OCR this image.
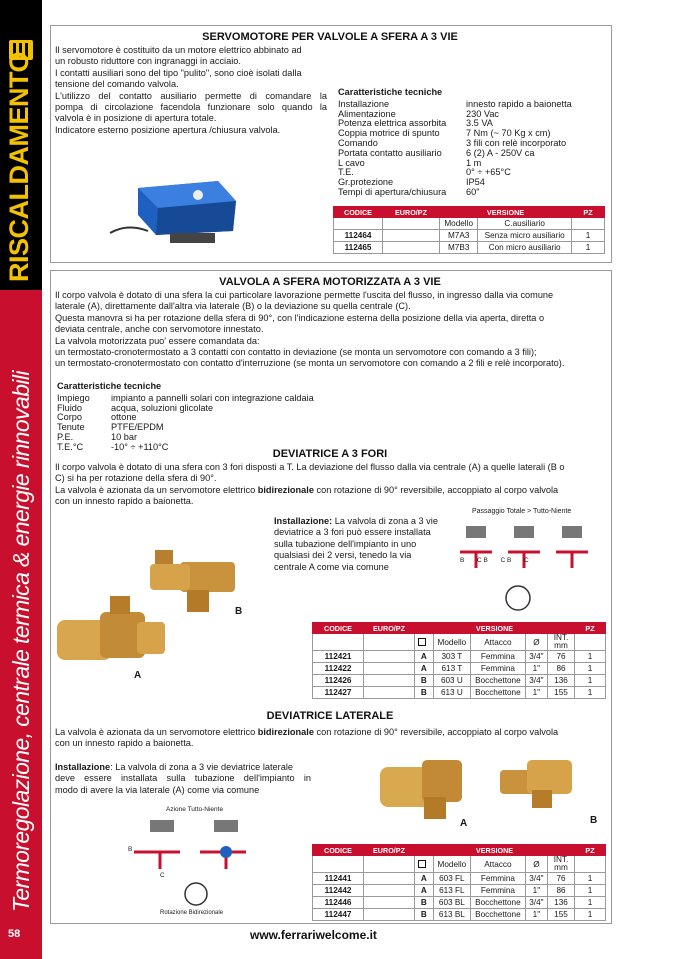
RISCALDAMENTO
Termoregolazione, centrale termica & energie rinnovabili
58	www.ferrariwelcome.it
SERVOMOTORE PER VALVOLE A SFERA A 3 VIE
Il servomotore è costituito da un motore elettrico abbinato ad
un robusto riduttore con ingranaggi in acciaio.
I contatti ausiliari sono del tipo "pulito", sono cioè isolati dalla
tensione del comando valvola.
L'utilizzo del contatto ausiliario permette di comandare la
pompa di circolazione facendola funzionare solo quando la
valvola è in posizione di apertura totale.
Indicatore esterno posizione apertura /chiusura valvola.
Caratteristiche tecniche
Installazione	innesto rapido a baionetta
Alimentazione	230 Vac
Potenza elettrica assorbita	3.5 VA
Coppia motrice di spunto	7 Nm (~ 70 Kg x cm)
Comando	3 fili con relè incorporato
Portata contatto ausiliario	6 (2) A - 250V ca
L cavo	1 m
T.E.	0° ÷ +65°C
Gr.protezione	IP54
Tempi di apertura/chiusura	60"
CODICE	EURO/PZ	VERSIONE		PZ
		Modello	C.ausiliario	
112464		M7A3	Senza micro ausiliario	1
112465		M7B3	Con micro ausiliario	1
VALVOLA A SFERA MOTORIZZATA A 3 VIE
Il corpo valvola è dotato di una sfera la cui particolare lavorazione permette l'uscita del flusso, in ingresso dalla via comune
laterale (A), direttamente dall'altra via laterale (B) o la deviazione su quella centrale (C).
Questa manovra si ha per rotazione della sfera di 90°, con l'indicazione esterna della posizione della via aperta, diretta o
deviata centrale, anche con servomotore innestato.
La valvola motorizzata puo' essere comandata da:
un termostato-cronotermostato a 3 contatti con contatto in deviazione (se monta un servomotore con comando a 3 fili);
un termostato-cronotermostato con contatto d'interruzione (se monta un servomotore con comando a 2 fili e relè incorporato).
Caratteristiche tecniche
Impiego	impianto a pannelli solari con integrazione caldaia
Fluido	acqua, soluzioni glicolate
Corpo	ottone
Tenute	PTFE/EPDM
P.E.	10 bar
T.E.°C	-10° ÷ +110°C
DEVIATRICE A 3 FORI
Il corpo valvola è dotato di una sfera con 3 fori disposti a T. La deviazione del flusso dalla via centrale (A) a quelle laterali (B o
C) si ha per rotazione della sfera di 90°.
La valvola è azionata da un servomotore elettrico bidirezionale con rotazione di 90° reversibile, accoppiato al corpo valvola
con un innesto rapido a baionetta.
Installazione: La valvola di zona a 3 vie
deviatrice a 3 fori può essere installata
sulla tubazione dell'impianto in uno
qualsiasi dei 2 versi, tenedo la via
centrale A come via comune
B
A
Passaggio Totale > Tutto-Niente
B C B C B C
CODICE	EURO/PZ	VERSIONE					PZ
			Modello	Attacco	Ø	INT. mm	
112421		A	303 T	Femmina	3/4"	76	1
112422		A	613 T	Femmina	1"	86	1
112426		B	603 U	Bocchettone	3/4"	136	1
112427		B	613 U	Bocchettone	1"	155	1
DEVIATRICE LATERALE
La valvola è azionata da un servomotore elettrico bidirezionale con rotazione di 90° reversibile, accoppiato al corpo valvola
con un innesto rapido a baionetta.
Installazione: La valvola di zona a 3 vie deviatrice laterale
deve essere installata sulla tubazione dell'impianto in
modo di avere la via laterale (A) come via comune
A	B
Azione Tutto-Niente
B
C
Rotazione Bidirezionale
CODICE	EURO/PZ	VERSIONE					PZ
			Modello	Attacco	Ø	INT. mm	
112441		A	603 FL	Femmina	3/4"	76	1
112442		A	613 FL	Femmina	1"	86	1
112446		B	603 BL	Bocchettone	3/4"	136	1
112447		B	613 BL	Bocchettone	1"	155	1
